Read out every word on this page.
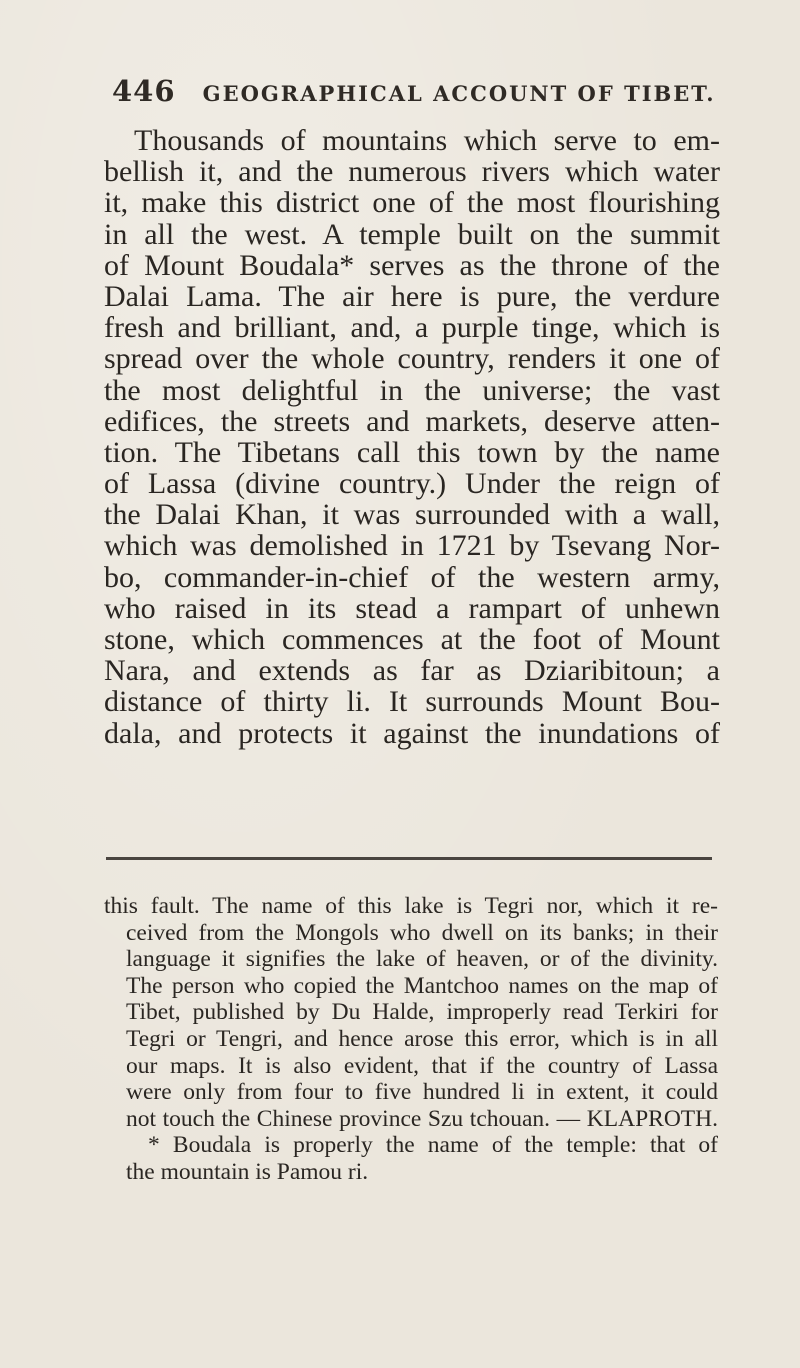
446 GEOGRAPHICAL ACCOUNT OF TIBET.
Thousands of mountains which serve to em-
bellish it, and the numerous rivers which water
it, make this district one of the most flourishing
in all the west. A temple built on the summit
of Mount Boudala* serves as the throne of the
Dalai Lama. The air here is pure, the verdure
fresh and brilliant, and, a purple tinge, which is
spread over the whole country, renders it one of
the most delightful in the universe; the vast
edifices, the streets and markets, deserve atten-
tion. The Tibetans call this town by the name
of Lassa (divine country.) Under the reign of
the Dalai Khan, it was surrounded with a wall,
which was demolished in 1721 by Tsevang Nor-
bo, commander-in-chief of the western army,
who raised in its stead a rampart of unhewn
stone, which commences at the foot of Mount
Nara, and extends as far as Dziaribitoun; a
distance of thirty li. It surrounds Mount Bou-
dala, and protects it against the inundations of
this fault. The name of this lake is Tegri nor, which it re-
ceived from the Mongols who dwell on its banks; in their
language it signifies the lake of heaven, or of the divinity.
The person who copied the Mantchoo names on the map of
Tibet, published by Du Halde, improperly read Terkiri for
Tegri or Tengri, and hence arose this error, which is in all
our maps. It is also evident, that if the country of Lassa
were only from four to five hundred li in extent, it could
not touch the Chinese province Szu tchouan. — KLAPROTH.
* Boudala is properly the name of the temple: that of
the mountain is Pamou ri.
